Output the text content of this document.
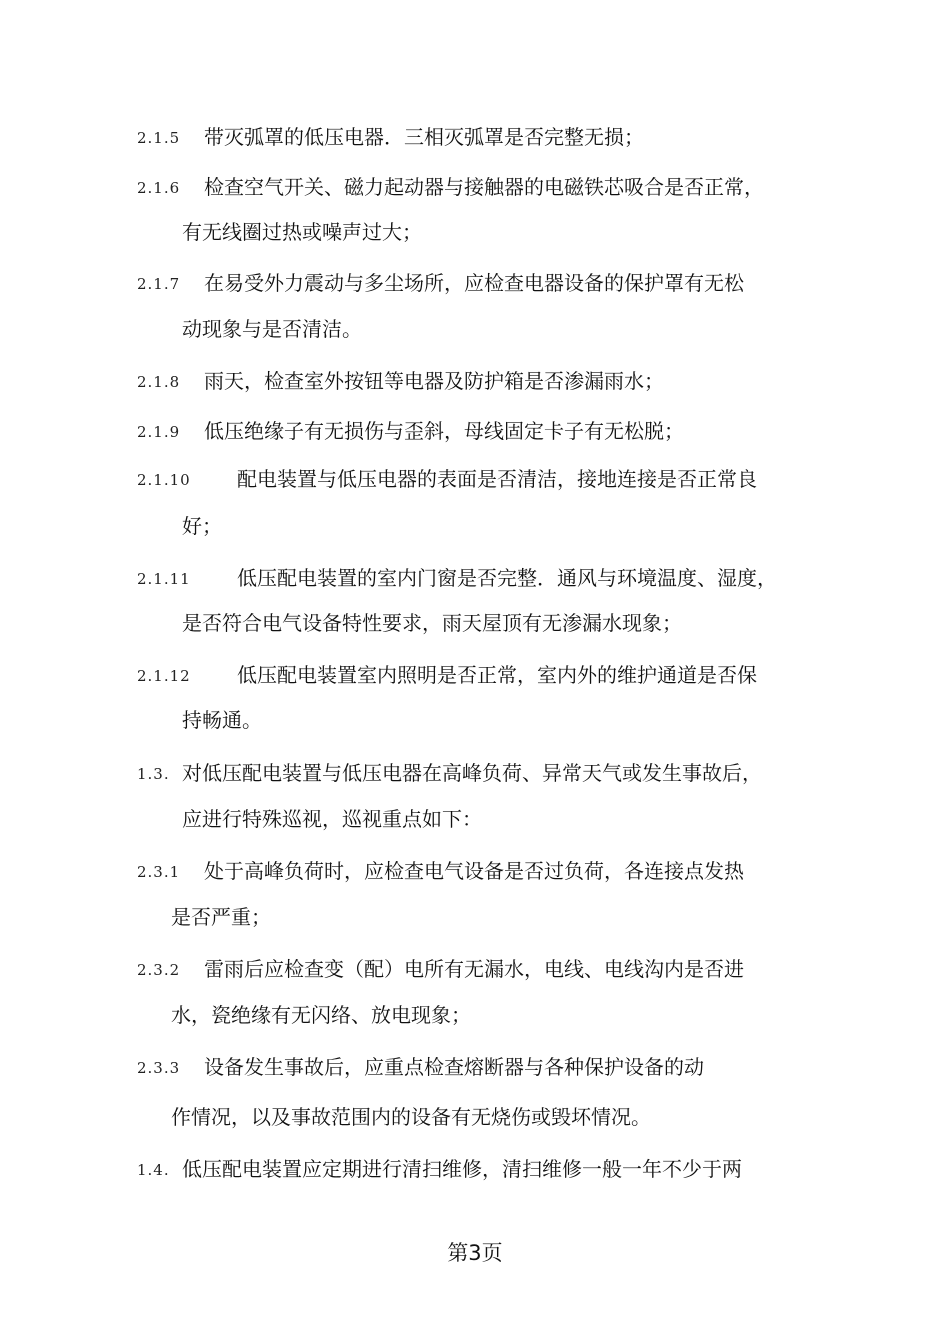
2.1.5 带灭弧罩的低压电器．三相灭弧罩是否完整无损；
2.1.6 检查空气开关、磁力起动器与接触器的电磁铁芯吸合是否正常，
有无线圈过热或噪声过大；
2.1.7 在易受外力震动与多尘场所，应检查电器设备的保护罩有无松
动现象与是否清洁。
2.1.8 雨天，检查室外按钮等电器及防护箱是否渗漏雨水；
2.1.9 低压绝缘子有无损伤与歪斜，母线固定卡子有无松脱；
2.1.10 配电装置与低压电器的表面是否清洁，接地连接是否正常良
好；
2.1.11 低压配电装置的室内门窗是否完整．通风与环境温度、湿度，
是否符合电气设备特性要求，雨天屋顶有无渗漏水现象；
2.1.12 低压配电装置室内照明是否正常，室内外的维护通道是否保
持畅通。
1.3. 对低压配电装置与低压电器在高峰负荷、异常天气或发生事故后，
应进行特殊巡视，巡视重点如下：
2.3.1 处于高峰负荷时，应检查电气设备是否过负荷，各连接点发热
是否严重；
2.3.2 雷雨后应检查变（配）电所有无漏水，电线、电线沟内是否进
水，瓷绝缘有无闪络、放电现象；
2.3.3 设备发生事故后，应重点检查熔断器与各种保护设备的动
作情况，以及事故范围内的设备有无烧伤或毁坏情况。
1.4. 低压配电装置应定期进行清扫维修，清扫维修一般一年不少于两
第3页
